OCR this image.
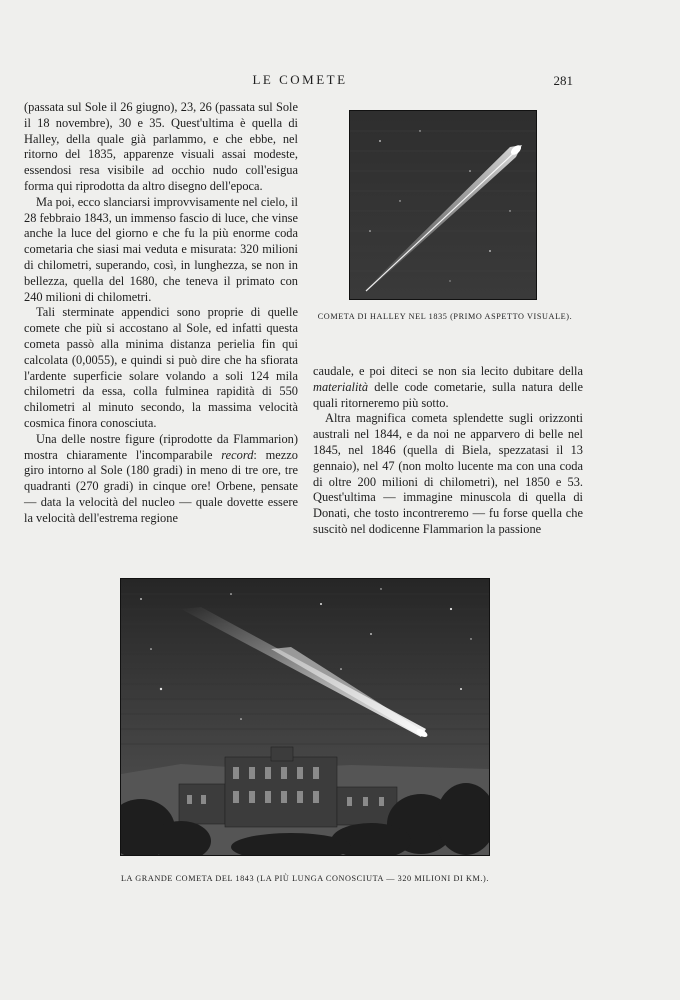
LE COMETE	281

(passata sul Sole il 26 giugno), 23, 26 (passata sul Sole il 18 novembre), 30 e 35. Quest'ultima è quella di Halley, della quale già parlammo, e che ebbe, nel ritorno del 1835, apparenze visuali assai modeste, essendosi resa visibile ad occhio nudo coll'esigua forma qui riprodotta da altro disegno dell'epoca.

Ma poi, ecco slanciarsi improvvisamente nel cielo, il 28 febbraio 1843, un immenso fascio di luce, che vinse anche la luce del giorno e che fu la più enorme coda cometaria che siasi mai veduta e misurata: 320 milioni di chilometri, superando, così, in lunghezza, se non in bellezza, quella del 1680, che teneva il primato con 240 milioni di chilometri.

Tali sterminate appendici sono proprie di quelle comete che più si accostano al Sole, ed infatti questa cometa passò alla minima distanza perielia fin qui calcolata (0,0055), e quindi si può dire che ha sfiorata l'ardente superficie solare volando a soli 124 mila chilometri da essa, colla fulminea rapidità di 550 chilometri al minuto secondo, la massima velocità cosmica finora conosciuta.

Una delle nostre figure (riprodotte da Flammarion) mostra chiaramente l'incomparabile record: mezzo giro intorno al Sole (180 gradi) in meno di tre ore, tre quadranti (270 gradi) in cinque ore! Orbene, pensate — data la velocità del nucleo — quale dovette essere la velocità dell'estrema regione

COMETA DI HALLEY NEL 1835 (PRIMO ASPETTO VISUALE).

caudale, e poi diteci se non sia lecito dubitare della materialità delle code cometarie, sulla natura delle quali ritorneremo più sotto.

Altra magnifica cometa splendette sugli orizzonti australi nel 1844, e da noi ne apparvero di belle nel 1845, nel 1846 (quella di Biela, spezzatasi il 13 gennaio), nel 47 (non molto lucente ma con una coda di oltre 200 milioni di chilometri), nel 1850 e 53. Quest'ultima — immagine minuscola di quella di Donati, che tosto incontreremo — fu forse quella che suscitò nel dodicenne Flammarion la passione

LA GRANDE COMETA DEL 1843 (LA PIÙ LUNGA CONOSCIUTA — 320 MILIONI DI KM.).
